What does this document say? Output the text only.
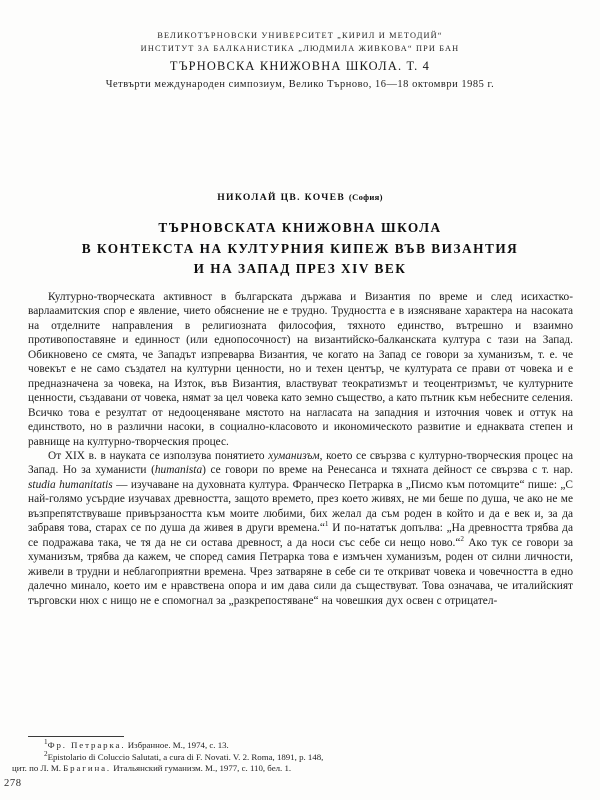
ВЕЛИКОТЪРНОВСКИ УНИВЕРСИТЕТ „КИРИЛ И МЕТОДИЙ“
ИНСТИТУТ ЗА БАЛКАНИСТИКА „ЛЮДМИЛА ЖИВКОВА“ ПРИ БАН
ТЪРНОВСКА КНИЖОВНА ШКОЛА. Т. 4
Четвърти международен симпозиум, Велико Търново, 16—18 октомври 1985 г.
НИКОЛАЙ ЦВ. КОЧЕВ (София)
ТЪРНОВСКАТА КНИЖОВНА ШКОЛА
В КОНТЕКСТА НА КУЛТУРНИЯ КИПЕЖ ВЪВ ВИЗАНТИЯ
И НА ЗАПАД ПРЕЗ XIV ВЕК

Културно-творческата активност в българската държава и Византия по време и след исихастко-варлаамитския спор е явление, чието обяснение не е трудно. Трудността е в изясняване характера на насоката на отделните направления в религиозната философия, тяхното единство, вътрешно и взаимно противопоставяне и единност (или еднопосочност) на византийско-балканската култура с тази на Запад. Обикновено се смята, че Западът изпреварва Византия, че когато на Запад се говори за хуманизъм, т. е. че човекът е не само създател на културни ценности, но и техен център, че културата се прави от човека и е предназначена за човека, на Изток, във Византия, властвуват теократизмът и теоцентризмът, че културните ценности, създавани от човека, нямат за цел човека като земно същество, а като пътник към небесните селения. Всичко това е резултат от недооценяване мястото на нагласата на западния и източния човек и оттук на единството, но в различни насоки, в социално-класовото и икономическото развитие и еднаквата степен и равнище на културно-творческия процес.

От XIX в. в науката се използува понятието хуманизъм, което се свързва с културно-творческия процес на Запад. Но за хуманисти (humanista) се говори по време на Ренесанса и тяхната дейност се свързва с т. нар. studia humanitatis — изучаване на духовната култура. Франческо Петрарка в „Писмо към потомците“ пише: „С най-голямо усърдие изучавах древността, защото времето, през което живях, не ми беше по душа, че ако не ме възпрепятствуваше привързаността към моите любими, бих желал да съм роден в който и да е век и, за да забравя това, старах се по душа да живея в други времена.“$^1$ И по-нататък допълва: „На древността трябва да се подражава така, че тя да не си остава древност, а да носи със себе си нещо ново.“$^2$ Ако тук се говори за хуманизъм, трябва да кажем, че според самия Петрарка това е измъчен хуманизъм, роден от силни личности, живели в трудни и неблагоприятни времена. Чрез затваряне в себе си те откриват човека и човечността в едно далечно минало, което им е нравствена опора и им дава сили да съществуват. Това означава, че италийският търговски нюх с нищо не е спомогнал за „разкрепостяване“ на човешкия дух освен с отрицател-

$^1$Фр. Петрарка. Избранное. М., 1974, с. 13.

$^2$Epistolario di Coluccio Salutati, a cura di F. Novati. V. 2. Roma, 1891, p. 148,

цит. по Л. М. Брагина. Итальянский гуманизм. М., 1977, с. 110, бел. 1.

278
